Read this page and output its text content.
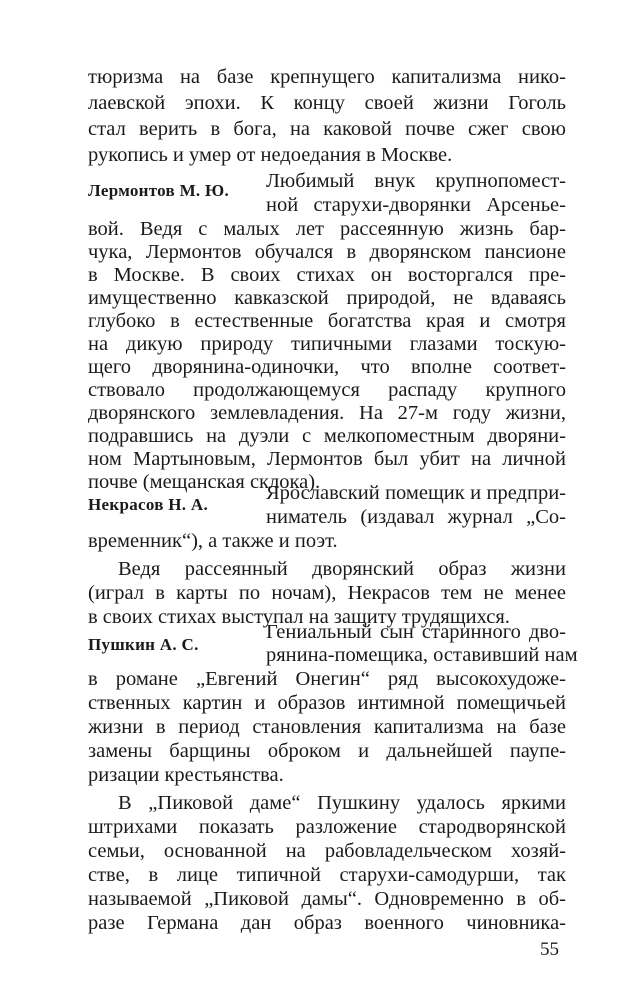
тюризма на базе крепнущего капитализма нико-
лаевской эпохи. К концу своей жизни Гоголь
стал верить в бога, на каковой почве сжег свою
рукопись и умер от недоедания в Москве.
Лермонтов М. Ю. Любимый внук крупнопомест-
ной старухи-дворянки Арсенье-
вой. Ведя с малых лет рассеянную жизнь бар-
чука, Лермонтов обучался в дворянском пансионе
в Москве. В своих стихах он восторгался пре-
имущественно кавказской природой, не вдаваясь
глубоко в естественные богатства края и смотря
на дикую природу типичными глазами тоскую-
щего дворянина-одиночки, что вполне соответ-
ствовало продолжающемуся распаду крупного
дворянского землевладения. На 27-м году жизни,
подравшись на дуэли с мелкопоместным дворяни-
ном Мартыновым, Лермонтов был убит на личной
почве (мещанская склока).
Некрасов Н. А.
Ярославский помещик и предпри-
ниматель (издавал журнал „Со-
временник“), а также и поэт.
Ведя рассеянный дворянский образ жизни
(играл в карты по ночам), Некрасов тем не менее
в своих стихах выступал на защиту трудящихся.
Пушкин А. С.
Гениальный сын старинного дво-
рянина-помещика, оставивший нам
в романе „Евгений Онегин“ ряд высокохудоже-
ственных картин и образов интимной помещичьей
жизни в период становления капитализма на базе
замены барщины оброком и дальнейшей паупе-
ризации крестьянства.
В „Пиковой даме“ Пушкину удалось яркими
штрихами показать разложение стародворянской
семьи, основанной на рабовладельческом хозяй-
стве, в лице типичной старухи-самодурши, так
называемой „Пиковой дамы“. Одновременно в об-
разе Германа дан образ военного чиновника-
55
